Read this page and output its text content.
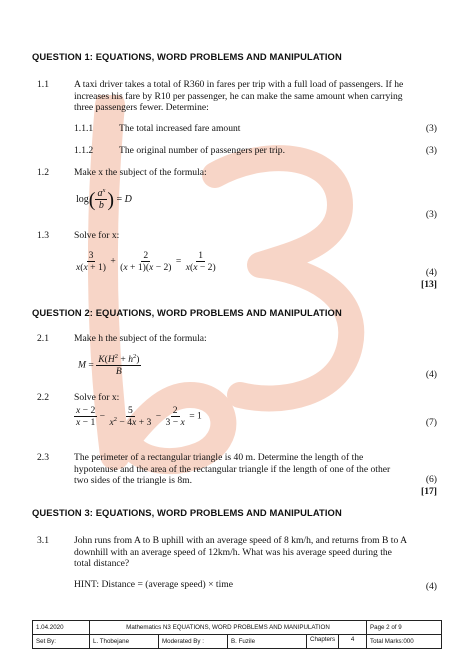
QUESTION 1: EQUATIONS, WORD PROBLEMS AND MANIPULATION
1.1	A taxi driver takes a total of R360 in fares per trip with a full load of passengers. If he increases his fare by R10 per passenger, he can make the same amount when carrying three passengers fewer. Determine:
1.1.1	The total increased fare amount	(3)
1.1.2	The original number of passengers per trip.	(3)
1.2	Make x the subject of the formula:
$\log( \frac{a^x}{b}$ ) = D
(3)
1.3	Solve for x:
$\frac{3}{x(x + 1)} + \frac{2}{(x + 1)(x - 2)} = \frac{1}{x(x - 2)}$	(4)
[13]
QUESTION 2: EQUATIONS, WORD PROBLEMS AND MANIPULATION
2.1	Make h the subject of the formula:
$M = \frac{K(H^2 + h^2)}{B}$	(4)
2.2	Solve for x:
$\frac{x - 2}{x - 1} - \frac{5}{x^2 - 4x + 3} - \frac{2}{3 - x} = 1$
(7)
2.3	The perimeter of a rectangular triangle is 40 m. Determine the length of the hypotenuse and the area of the rectangular triangle if the length of one of the other two sides of the triangle is 8m.	(6)
[17]
QUESTION 3: EQUATIONS, WORD PROBLEMS AND MANIPULATION
3.1	John runs from A to B uphill with an average speed of 8 km/h, and returns from B to A downhill with an average speed of 12km/h. What was his average speed during the total distance?
HINT: Distance = (average speed) × time	(4)
1.04.2020	Mathematics N3 EQUATIONS, WORD PROBLEMS AND MANIPULATION				Page 2 of 9
Set By:	L. Thobejane	Moderated By :	B. Fuzile	Chapters 4	Total Marks:000
